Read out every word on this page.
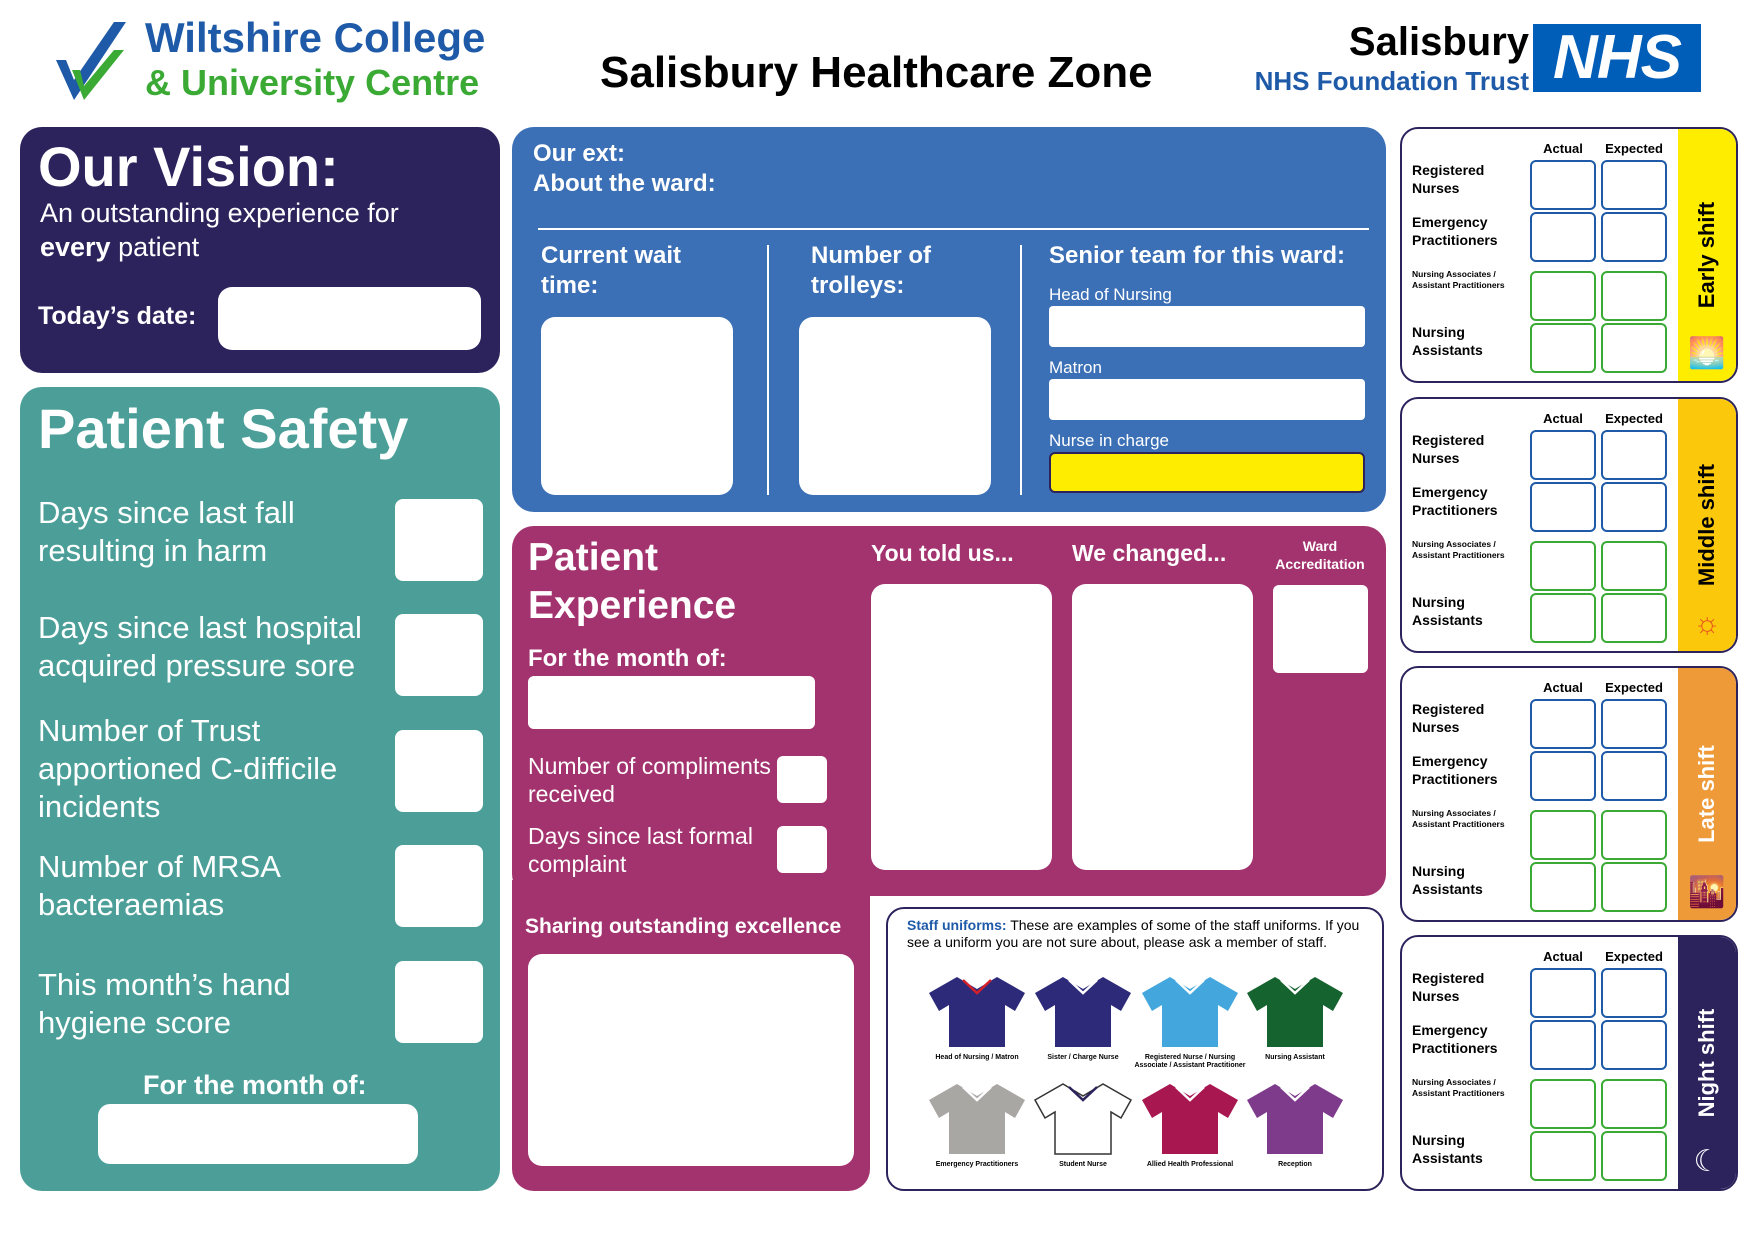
Wiltshire College
& University Centre	Salisbury Healthcare Zone
Salisbury
NHS Foundation Trust NHS
Our Vision:
An outstanding experience for every patient
Today’s date:
Patient Safety
Days since last fall resulting in harm
Days since last hospital acquired pressure sore
Number of Trust apportioned C-difficile incidents
Number of MRSA bacteraemias
This month’s hand hygiene score
For the month of:
Our ext:
About the ward:
Current wait time:
Number of trolleys:
Senior team for this ward:
Head of Nursing
Matron
Nurse in charge
Patient
Experience
For the month of:
Number of compliments received
Days since last formal complaint
You told us...	We changed...	Ward Accreditation
Sharing outstanding excellence	Staff uniforms: These are examples of some of the staff uniforms. If you see a uniform you are not sure about, please ask a member of staff.
Head of Nursing / Matron	Sister / Charge Nurse	Registered Nurse / Nursing Associate / Assistant Practitioner
Nursing Assistant
Emergency Practitioners	Student Nurse	Allied Health Professional	Reception
Early shift
🌅
Actual	Expected
Registered Nurses
Emergency Practitioners
Nursing Associates / Assistant Practitioners
Nursing Assistants
Middle shift
☼
Actual	Expected
Registered Nurses
Emergency Practitioners
Nursing Associates / Assistant Practitioners
Nursing Assistants
Late shift
🌇
Actual	Expected
Registered Nurses
Emergency Practitioners
Nursing Associates / Assistant Practitioners
Nursing Assistants
Night shift
☾
Actual	Expected
Registered Nurses
Emergency Practitioners
Nursing Associates / Assistant Practitioners
Nursing Assistants
